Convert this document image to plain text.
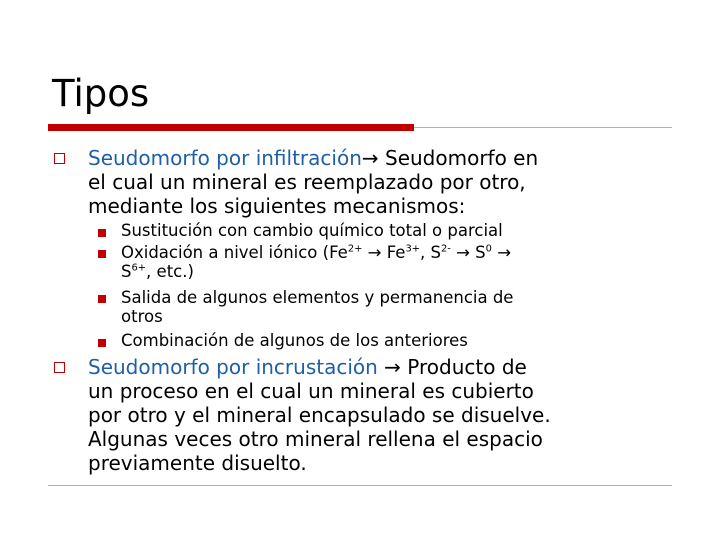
Tipos
Seudomorfo por infiltración→ Seudomorfo en
el cual un mineral es reemplazado por otro,
mediante los siguientes mecanismos:
Sustitución con cambio químico total o parcial
Oxidación a nivel iónico ($Fe^{2+} \to Fe^{3+}$, $S^{2-} \to S^0$ →
$S^{6+}$, etc.)
Salida de algunos elementos y permanencia de
otros
Combinación de algunos de los anteriores
Seudomorfo por incrustación → Producto de
un proceso en el cual un mineral es cubierto
por otro y el mineral encapsulado se disuelve.
Algunas veces otro mineral rellena el espacio
previamente disuelto.
